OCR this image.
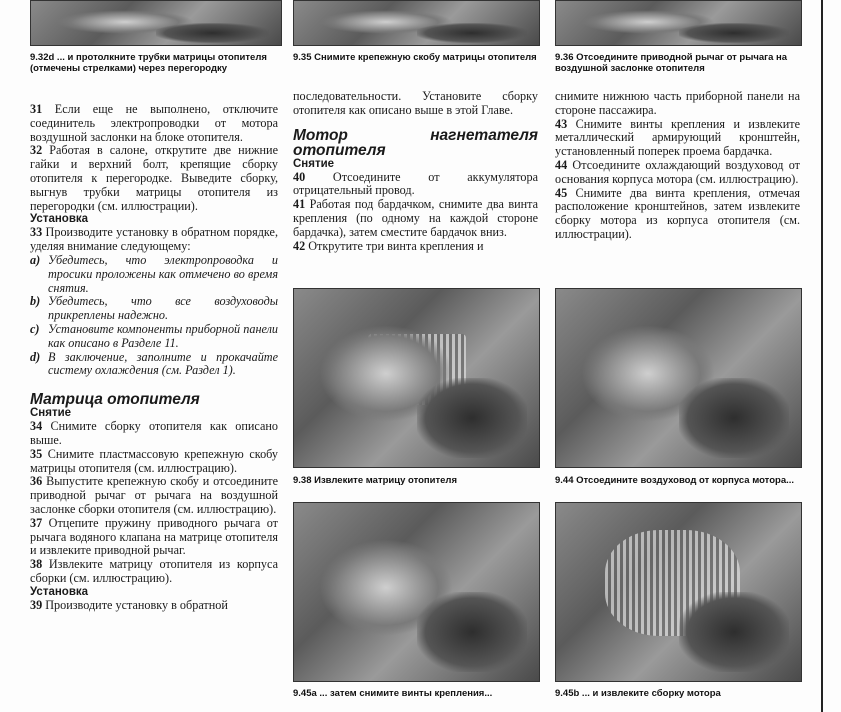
9.32d ... и протолкните трубки матрицы отопителя (отмечены стрелками) через перегородку
9.35 Снимите крепежную скобу матрицы отопителя 9.36 Отсоедините приводной рычаг от рычага на воздушной заслонке отопителя

31 Если еще не выполнено, отключите соединитель электропроводки от мотора воздушной заслонки на блоке отопителя.

32 Работая в салоне, открутите две нижние гайки и верхний болт, крепящие сборку отопителя к перегородке. Выведите сборку, выгнув трубки матрицы отопителя из перегородки (см. иллюстрации).

Установка

33 Производите установку в обратном порядке, уделяя внимание следующему:

a) Убедитесь, что электропроводка и тросики проложены как отмечено во время снятия.

b) Убедитесь, что все воздуховоды прикреплены надежно.

c) Установите компоненты приборной панели как описано в Разделе 11.

d) В заключение, заполните и прокачайте систему охлаждения (см. Раздел 1).

Матрица отопителя

Снятие

34 Снимите сборку отопителя как описано выше.

35 Снимите пластмассовую крепежную скобу матрицы отопителя (см. иллюстрацию).

36 Выпустите крепежную скобу и отсоедините приводной рычаг от рычага на воздушной заслонке сборки отопителя (см. иллюстрацию).

37 Отцепите пружину приводного рычага от рычага водяного клапана на матрице отопителя и извлеките приводной рычаг.

38 Извлеките матрицу отопителя из корпуса сборки (см. иллюстрацию).

Установка

39 Производите установку в обратной

последовательности. Установите сборку отопителя как описано выше в этой Главе.

Мотор нагнетателя отопителя

Снятие

40 Отсоедините от аккумулятора отрицательный провод.

41 Работая под бардачком, снимите два винта крепления (по одному на каждой стороне бардачка), затем сместите бардачок вниз.

42 Открутите три винта крепления и

снимите нижнюю часть приборной панели на стороне пассажира.

43 Снимите винты крепления и извлеките металлический армирующий кронштейн, установленный поперек проема бардачка.

44 Отсоедините охлаждающий воздуховод от основания корпуса мотора (см. иллюстрацию).

45 Снимите два винта крепления, отмечая расположение кронштейнов, затем извлеките сборку мотора из корпуса отопителя (см. иллюстрации).

9.38 Извлеките матрицу отопителя	9.44 Отсоедините воздуховод от корпуса мотора...
9.45а ... затем снимите винты крепления...	9.45b ... и извлеките сборку мотора
